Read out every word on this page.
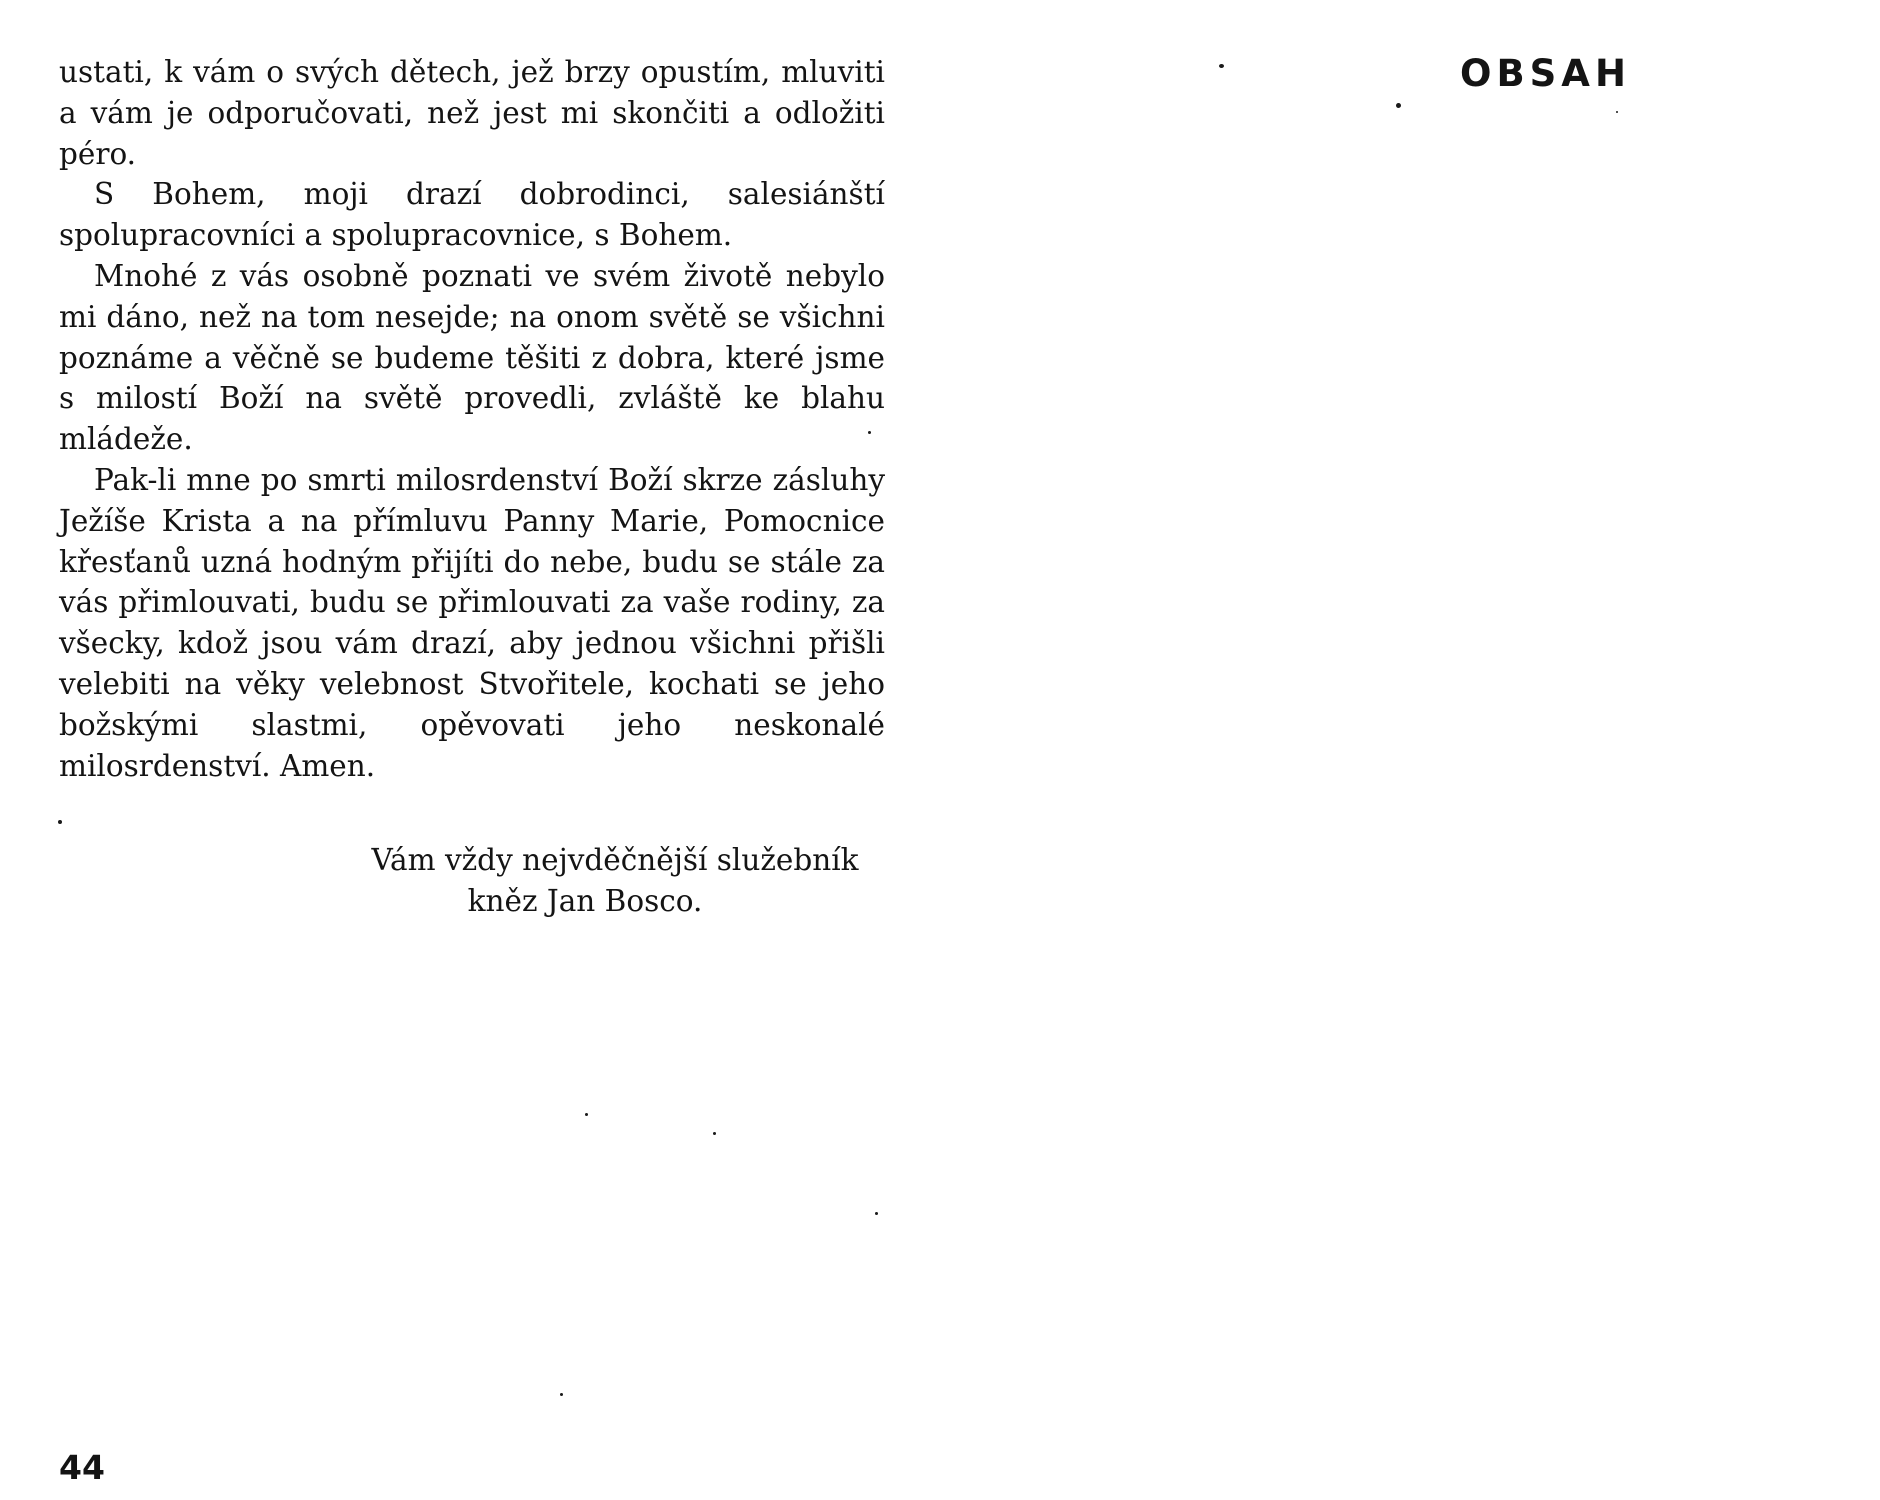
ustati, k vám o svých dětech, jež brzy opustím, mluviti a vám je odporučovati, než jest mi skončiti a odložiti péro.

S Bohem, moji drazí dobrodinci, salesiánští spolupracovníci a spolupracovnice, s Bohem.

Mnohé z vás osobně poznati ve svém životě nebylo mi dáno, než na tom nesejde; na onom světě se všichni poznáme a věčně se budeme těšiti z dobra, které jsme s milostí Boží na světě provedli, zvláště ke blahu mládeže.

Pak-li mne po smrti milosrdenství Boží skrze zásluhy Ježíše Krista a na přímluvu Panny Marie, Pomocnice křesťanů uzná hodným přijíti do nebe, budu se stále za vás přimlouvati, budu se přimlouvati za vaše rodiny, za všecky, kdož jsou vám drazí, aby jednou všichni přišli velebiti na věky velebnost Stvořitele, kochati se jeho božskými slastmi, opěvovati jeho neskonalé milosrdenství. Amen.

Vám vždy nejvděčnější služebník
kněz Jan Bosco.
44
OBSAH
